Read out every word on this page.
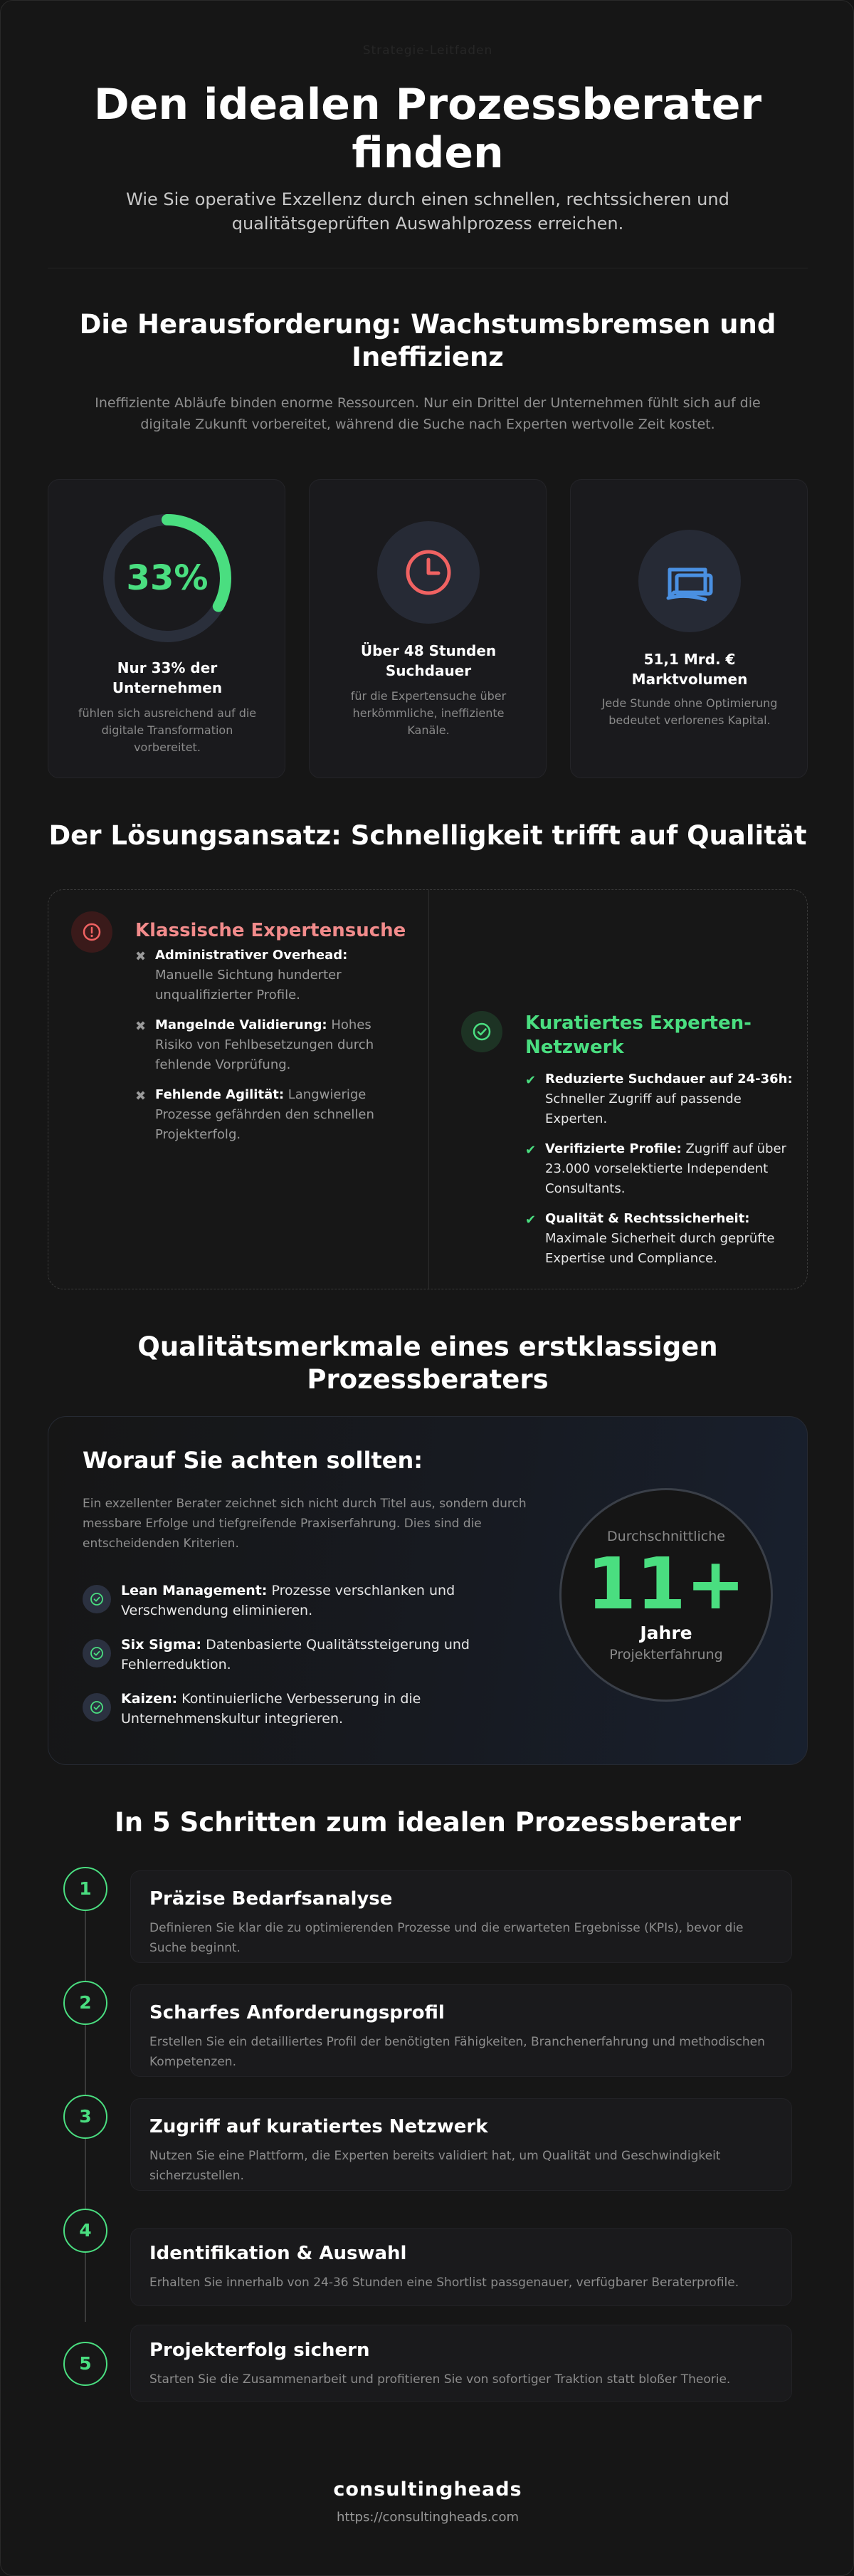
Strategie-Leitfaden
Den idealen Prozessberater finden

Wie Sie operative Exzellenz durch einen schnellen, rechtssicheren und qualitätsgeprüften Auswahlprozess erreichen.

Die Herausforderung: Wachstumsbremsen und Ineffizienz

Ineffiziente Abläufe binden enorme Ressourcen. Nur ein Drittel der Unternehmen fühlt sich auf die digitale Zukunft vorbereitet, während die Suche nach Experten wertvolle Zeit kostet.

33%
Nur 33% der Unternehmen
fühlen sich ausreichend auf die digitale Transformation vorbereitet.
Über 48 Stunden Suchdauer
für die Expertensuche über herkömmliche, ineffiziente Kanäle.
51,1 Mrd. € Marktvolumen
Jede Stunde ohne Optimierung bedeutet verlorenes Kapital.
Der Lösungsansatz: Schnelligkeit trifft auf Qualität
Klassische Expertensuche
✖ Administrativer Overhead: Manuelle Sichtung hunderter unqualifizierter Profile.
✖ Mangelnde Validierung: Hohes Risiko von Fehlbesetzungen durch fehlende Vorprüfung.
✖ Fehlende Agilität: Langwierige Prozesse gefährden den schnellen Projekterfolg.
Kuratiertes Experten-Netzwerk
✔ Reduzierte Suchdauer auf 24-36h: Schneller Zugriff auf passende Experten.
✔ Verifizierte Profile: Zugriff auf über 23.000 vorselektierte Independent Consultants.
✔ Qualität & Rechtssicherheit: Maximale Sicherheit durch geprüfte Expertise und Compliance.
Qualitätsmerkmale eines erstklassigen Prozessberaters
Worauf Sie achten sollten:
Ein exzellenter Berater zeichnet sich nicht durch Titel aus, sondern durch messbare Erfolge und tiefgreifende Praxiserfahrung. Dies sind die entscheidenden Kriterien.
Lean Management: Prozesse verschlanken und Verschwendung eliminieren.
Six Sigma: Datenbasierte Qualitätssteigerung und Fehlerreduktion.
Kaizen: Kontinuierliche Verbesserung in die Unternehmenskultur integrieren.
Durchschnittliche
11+
Jahre
Projekterfahrung
In 5 Schritten zum idealen Prozessberater
1	Präzise Bedarfsanalyse
Definieren Sie klar die zu optimierenden Prozesse und die erwarteten Ergebnisse (KPIs), bevor die Suche beginnt.
2	Scharfes Anforderungsprofil
Erstellen Sie ein detailliertes Profil der benötigten Fähigkeiten, Branchenerfahrung und methodischen Kompetenzen.
3	Zugriff auf kuratiertes Netzwerk
Nutzen Sie eine Plattform, die Experten bereits validiert hat, um Qualität und Geschwindigkeit sicherzustellen.
4
Identifikation & Auswahl
Erhalten Sie innerhalb von 24-36 Stunden eine Shortlist passgenauer, verfügbarer Beraterprofile.
5
Projekterfolg sichern
Starten Sie die Zusammenarbeit und profitieren Sie von sofortiger Traktion statt bloßer Theorie.
consultingheads
https://consultingheads.com
